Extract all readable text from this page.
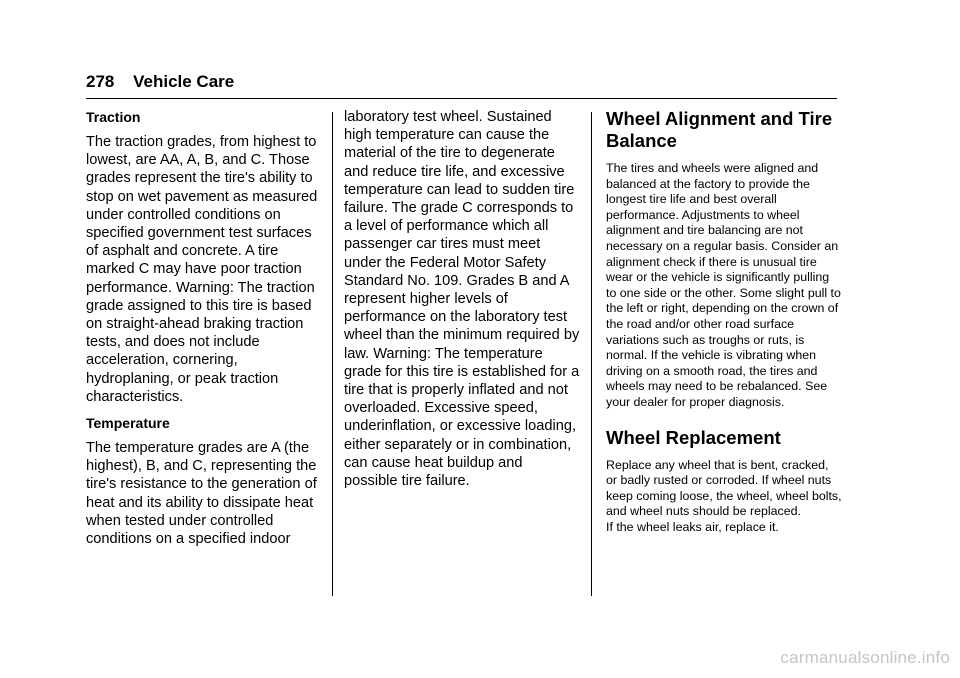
278 Vehicle Care
Traction

The traction grades, from highest to lowest, are AA, A, B, and C. Those grades represent the tire's ability to stop on wet pavement as measured under controlled conditions on specified government test surfaces of asphalt and concrete. A tire marked C may have poor traction performance. Warning: The traction grade assigned to this tire is based on straight-ahead braking traction tests, and does not include acceleration, cornering, hydroplaning, or peak traction characteristics.

Temperature

The temperature grades are A (the highest), B, and C, representing the tire's resistance to the generation of heat and its ability to dissipate heat when tested under controlled conditions on a specified indoor

laboratory test wheel. Sustained high temperature can cause the material of the tire to degenerate and reduce tire life, and excessive temperature can lead to sudden tire failure. The grade C corresponds to a level of performance which all passenger car tires must meet under the Federal Motor Safety Standard No. 109. Grades B and A represent higher levels of performance on the laboratory test wheel than the minimum required by law. Warning: The temperature grade for this tire is established for a tire that is properly inflated and not overloaded. Excessive speed, underinflation, or excessive loading, either separately or in combination, can cause heat buildup and possible tire failure.

Wheel Alignment and Tire Balance

The tires and wheels were aligned and balanced at the factory to provide the longest tire life and best overall performance. Adjustments to wheel alignment and tire balancing are not necessary on a regular basis. Consider an alignment check if there is unusual tire wear or the vehicle is significantly pulling to one side or the other. Some slight pull to the left or right, depending on the crown of the road and/or other road surface variations such as troughs or ruts, is normal. If the vehicle is vibrating when driving on a smooth road, the tires and wheels may need to be rebalanced. See your dealer for proper diagnosis.

Wheel Replacement

Replace any wheel that is bent, cracked, or badly rusted or corroded. If wheel nuts keep coming loose, the wheel, wheel bolts, and wheel nuts should be replaced.

If the wheel leaks air, replace it.

carmanualsonline.info
